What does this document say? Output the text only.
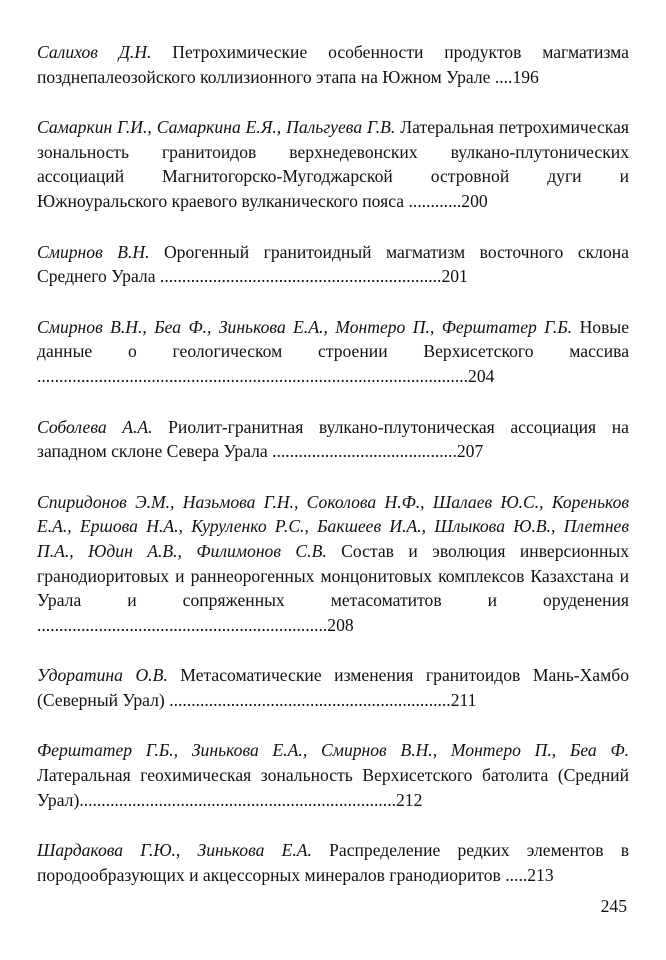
Салихов Д.Н. Петрохимические особенности продуктов магматизма позднепалеозойского коллизионного этапа на Южном Урале ....196

Самаркин Г.И., Самаркина Е.Я., Пальгуева Г.В. Латеральная петрохимическая зональность гранитоидов верхнедевонских вулкано-плутонических ассоциаций Магнитогорско-Мугоджарской островной дуги и Южноуральского краевого вулканического пояса ............200

Смирнов В.Н. Орогенный гранитоидный магматизм восточного склона Среднего Урала ................................................................201

Смирнов В.Н., Беа Ф., Зинькова Е.А., Монтеро П., Ферштатер Г.Б. Новые данные о геологическом строении Верхисетского массива ..................................................................................................204

Соболева А.А. Риолит-гранитная вулкано-плутоническая ассоциация на западном склоне Севера Урала ..........................................207

Спиридонов Э.М., Назьмова Г.Н., Соколова Н.Ф., Шалаев Ю.С., Кореньков Е.А., Ершова Н.А., Куруленко Р.С., Бакшеев И.А., Шлыкова Ю.В., Плетнев П.А., Юдин А.В., Филимонов С.В. Состав и эволюция инверсионных гранодиоритовых и раннеорогенных монцонитовых комплексов Казахстана и Урала и сопряженных метасоматитов и оруденения ..................................................................208

Удоратина О.В. Метасоматические изменения гранитоидов Мань-Хамбо (Северный Урал) ................................................................211

Ферштатер Г.Б., Зинькова Е.А., Смирнов В.Н., Монтеро П., Беа Ф. Латеральная геохимическая зональность Верхисетского батолита (Средний Урал)........................................................................212

Шардакова Г.Ю., Зинькова Е.А. Распределение редких элементов в породообразующих и акцессорных минералов гранодиоритов .....213

245
